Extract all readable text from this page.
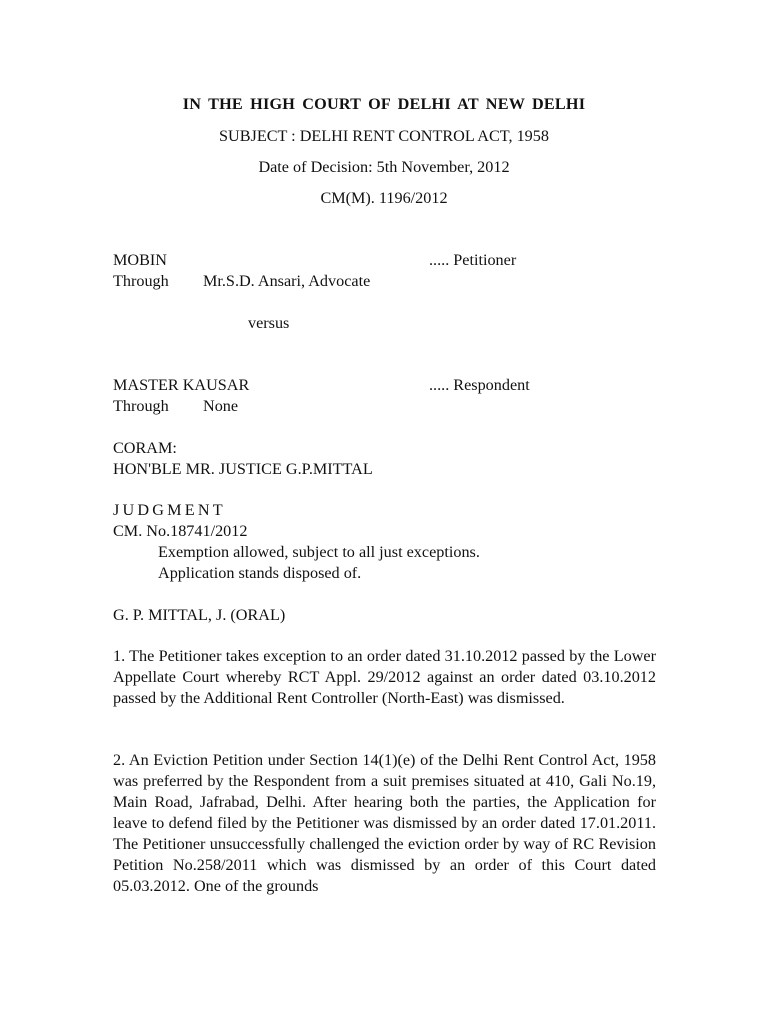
IN THE HIGH COURT OF DELHI AT NEW DELHI
SUBJECT : DELHI RENT CONTROL ACT, 1958
Date of Decision: 5th November, 2012
CM(M). 1196/2012
MOBIN	..... Petitioner
Through Mr.S.D. Ansari, Advocate
versus
MASTER KAUSAR	..... Respondent
Through None
CORAM:
HON'BLE MR. JUSTICE G.P.MITTAL
JUDGMENT
CM. No.18741/2012
Exemption allowed, subject to all just exceptions.
Application stands disposed of.
G. P. MITTAL, J. (ORAL)

1. The Petitioner takes exception to an order dated 31.10.2012 passed by the Lower Appellate Court whereby RCT Appl. 29/2012 against an order dated 03.10.2012 passed by the Additional Rent Controller (North-East) was dismissed.

2. An Eviction Petition under Section 14(1)(e) of the Delhi Rent Control Act, 1958 was preferred by the Respondent from a suit premises situated at 410, Gali No.19, Main Road, Jafrabad, Delhi. After hearing both the parties, the Application for leave to defend filed by the Petitioner was dismissed by an order dated 17.01.2011. The Petitioner unsuccessfully challenged the eviction order by way of RC Revision Petition No.258/2011 which was dismissed by an order of this Court dated 05.03.2012. One of the grounds
